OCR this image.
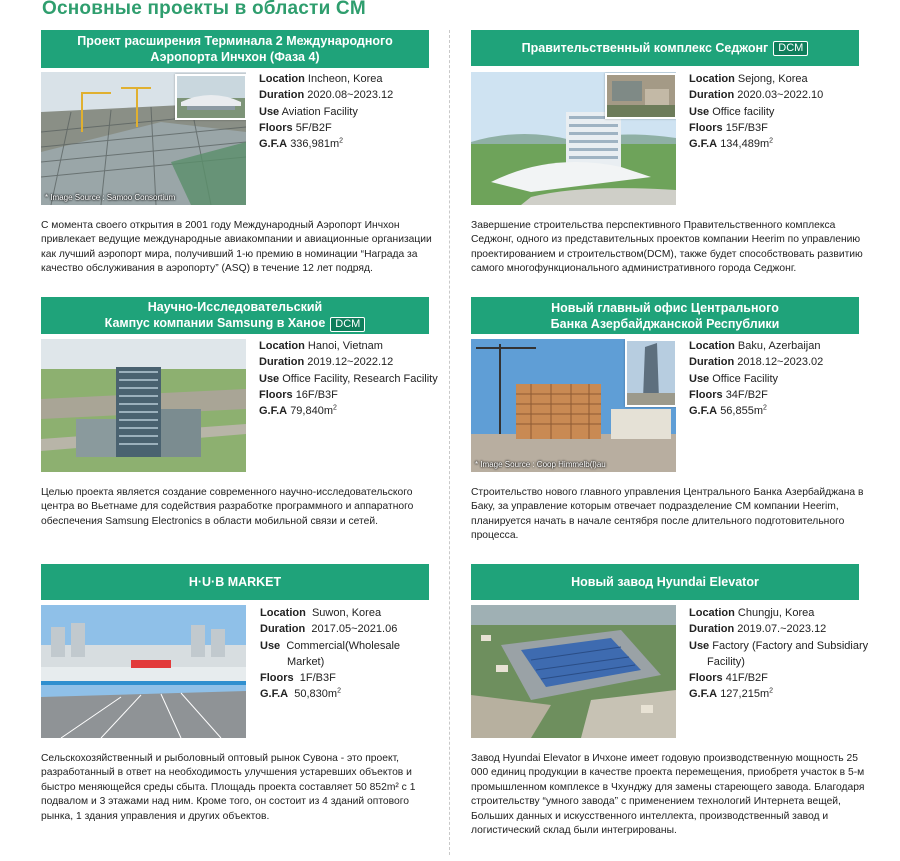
Основные проекты в области CM
Проект расширения Терминала 2 Международного
Аэропорта Инчхон (Фаза 4)
* Image Source : Samoo Consortium
Location Incheon, Korea
Duration 2020.08~2023.12
Use Aviation Facility
Floors 5F/B2F
G.F.A $336,981m^2$
С момента своего открытия в 2001 году Международный Аэропорт Инчхон привлекает ведущие международные авиакомпании и авиационные организации как лучший аэропорт мира, получивший 1-ю премию в номинации “Награда за качество обслуживания в аэропорту” (ASQ) в течение 12 лет подряд.
Правительственный комплекс Седжонг DCM
Location Sejong, Korea
Duration 2020.03~2022.10
Use Office facility
Floors 15F/B3F
G.F.A $134,489m^2$
Завершение строительства перспективного Правительственного комплекса Седжонг, одного из представительных проектов компании Heerim по управлению проектированием и строительством(DCM), также будет способствовать развитию самого многофункционального административного города Седжонг.
Научно-Исследовательский
Кампус компании Samsung в Ханое DCM
Location Hanoi, Vietnam
Duration 2019.12~2022.12
Use Office Facility, Research Facility
Floors 16F/B3F
G.F.A $79,840m^2$
Целью проекта является создание современного научно-исследовательского центра во Вьетнаме для содействия разработке программного и аппаратного обеспечения Samsung Electronics в области мобильной связи и сетей.
Новый главный офис Центрального
Банка Азербайджанской Республики
* Image Source : Coop Himmelb(l)au
Location Baku, Azerbaijan
Duration 2018.12~2023.02
Use Office Facility
Floors 34F/B2F
G.F.A $56,855m^2$
Строительство нового главного управления Центрального Банка Азербайджана в Баку, за управление которым отвечает подразделение CM компании Heerim, планируется начать в начале сентября после длительного подготовительного процесса.
H·U·B MARKET
Location Suwon, Korea
Duration 2017.05~2021.06
Use Commercial(Wholesale
Market)
Floors 1F/B3F
G.F.A $50,830m^2$
Сельскохозяйственный и рыболовный оптовый рынок Сувона - это проект, разработанный в ответ на необходимость улучшения устаревших объектов и быстро меняющейся среды сбыта. Площадь проекта составляет 50 852m² с 1 подвалом и 3 этажами над ним. Кроме того, он состоит из 4 зданий оптового рынка, 1 здания управления и других объектов.
Новый завод Hyundai Elevator
Location Chungju, Korea
Duration 2019.07.~2023.12
Use Factory (Factory and Subsidiary
Facility)
Floors 41F/B2F
G.F.A $127,215m^2$
Завод Hyundai Elevator в Ичхоне имеет годовую производственную мощность 25 000 единиц продукции в качестве проекта перемещения, приобретя участок в 5-м промышленном комплексе в Чхунджу для замены стареющего завода. Благодаря строительству “умного завода” с применением технологий Интернета вещей, Больших данных и искусственного интеллекта, производственный завод и логистический склад были интегрированы.
